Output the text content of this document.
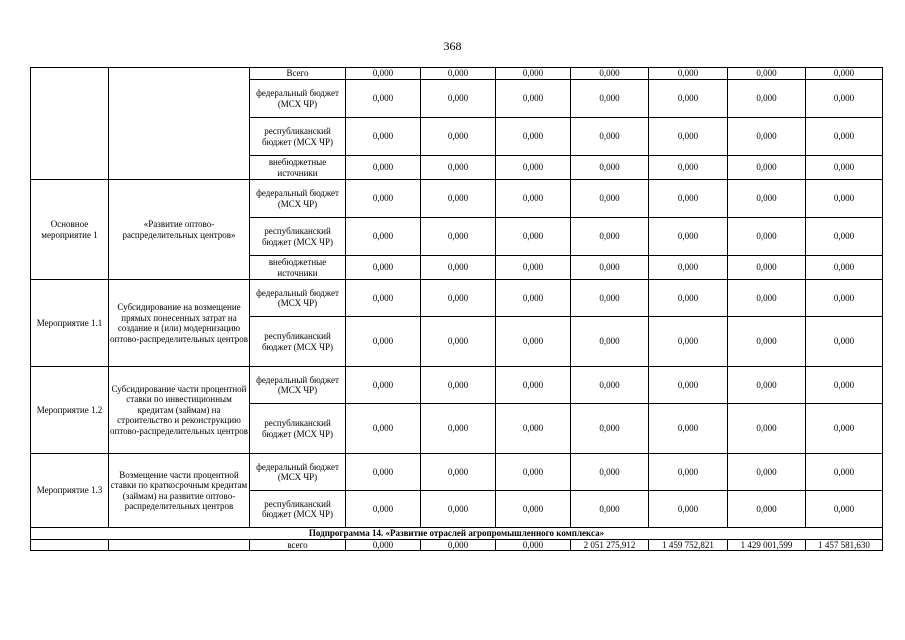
368
		Всего	0,000	0,000	0,000	0,000	0,000	0,000	0,000
		федеральный бюджет (МСХ ЧР)	0,000	0,000	0,000	0,000	0,000	0,000	0,000
		республиканский бюджет (МСХ ЧР)	0,000	0,000	0,000	0,000	0,000	0,000	0,000
		внебюджетные источники	0,000	0,000	0,000	0,000	0,000	0,000	0,000
Основное мероприятие 1	«Развитие оптово-распределительных центров»	федеральный бюджет (МСХ ЧР)	0,000	0,000	0,000	0,000	0,000	0,000	0,000
		республиканский бюджет (МСХ ЧР)	0,000	0,000	0,000	0,000	0,000	0,000	0,000
		внебюджетные источники	0,000	0,000	0,000	0,000	0,000	0,000	0,000
Мероприятие 1.1	Субсидирование на возмещение прямых понесенных затрат на создание и (или) модернизацию оптово-распределительных центров	федеральный бюджет (МСХ ЧР)	0,000	0,000	0,000	0,000	0,000	0,000	0,000
		республиканский бюджет (МСХ ЧР)	0,000	0,000	0,000	0,000	0,000	0,000	0,000
Мероприятие 1.2	Субсидирование части процентной ставки по инвестиционным кредитам (займам) на строительство и реконструкцию оптово-распределительных центров	федеральный бюджет (МСХ ЧР)	0,000	0,000	0,000	0,000	0,000	0,000	0,000
		республиканский бюджет (МСХ ЧР)	0,000	0,000	0,000	0,000	0,000	0,000	0,000
Мероприятие 1.3	Возмещение части процентной ставки по краткосрочным кредитам (займам) на развитие оптово- распределительных центров	федеральный бюджет (МСХ ЧР)	0,000	0,000	0,000	0,000	0,000	0,000	0,000
		республиканский бюджет (МСХ ЧР)	0,000	0,000	0,000	0,000	0,000	0,000	0,000
Подпрограмма 14. «Развитие отраслей агропромышленного комплекса»									
		всего	0,000	0,000	0,000	2 051 275,912	1 459 752,821	1 429 001,599	1 457 581,630
